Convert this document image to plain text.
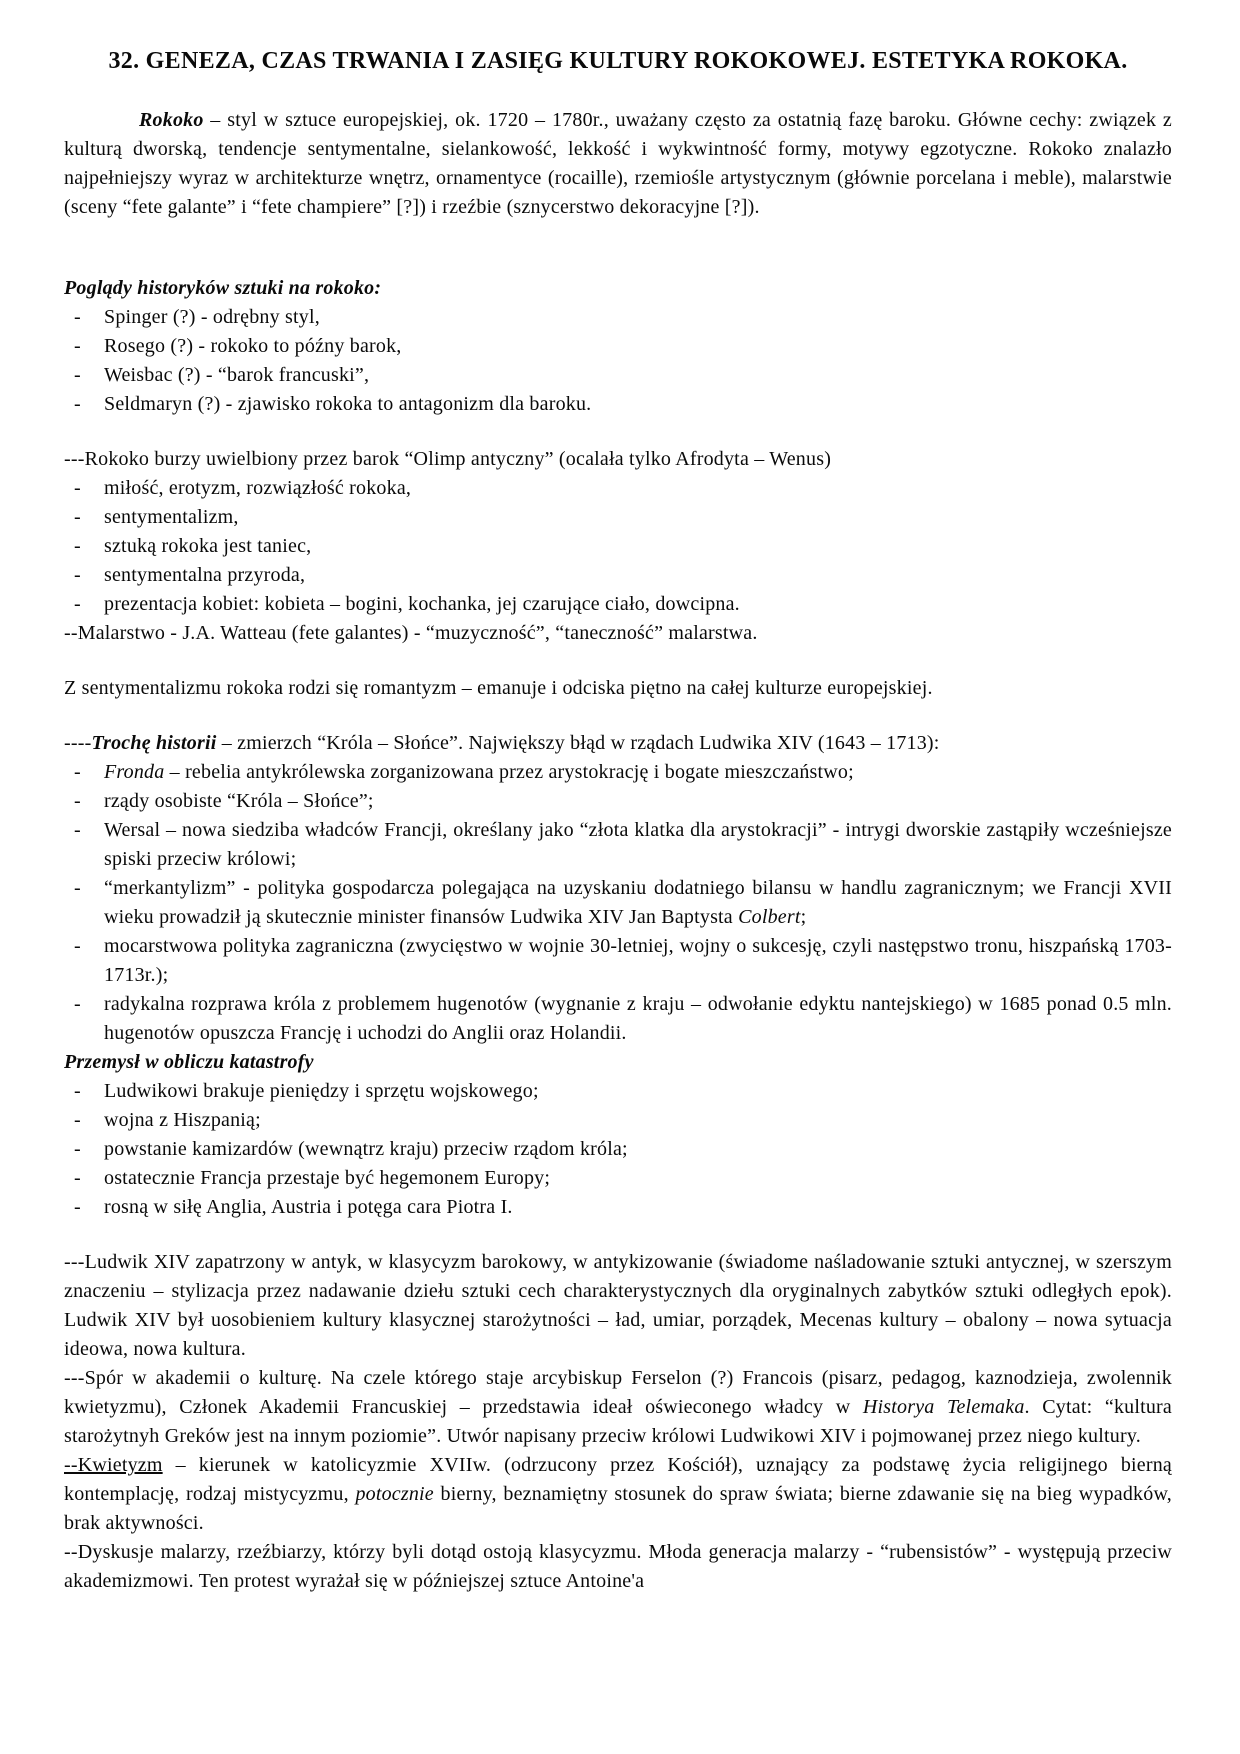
32. GENEZA, CZAS TRWANIA I ZASIĘG KULTURY ROKOKOWEJ. ESTETYKA ROKOKA.
Rokoko – styl w sztuce europejskiej, ok. 1720 – 1780r., uważany często za ostatnią fazę baroku. Główne cechy: związek z kulturą dworską, tendencje sentymentalne, sielankowość, lekkość i wykwintność formy, motywy egzotyczne. Rokoko znalazło najpełniejszy wyraz w architekturze wnętrz, ornamentyce (rocaille), rzemiośle artystycznym (głównie porcelana i meble), malarstwie (sceny “fete galante” i “fete champiere” [?]) i rzeźbie (sznycerstwo dekoracyjne [?]).
Poglądy historyków sztuki na rokoko:
-	Spinger (?) - odrębny styl,
-	Rosego (?) - rokoko to późny barok,
-	Weisbac (?) - “barok francuski”,
-	Seldmaryn (?) - zjawisko rokoka to antagonizm dla baroku.
---Rokoko burzy uwielbiony przez barok “Olimp antyczny” (ocalała tylko Afrodyta – Wenus)
-	miłość, erotyzm, rozwiązłość rokoka,
-	sentymentalizm,
-	sztuką rokoka jest taniec,
-	sentymentalna przyroda,
-	prezentacja kobiet: kobieta – bogini, kochanka, jej czarujące ciało, dowcipna.
--Malarstwo - J.A. Watteau (fete galantes) - “muzyczność”, “taneczność” malarstwa.
Z sentymentalizmu rokoka rodzi się romantyzm – emanuje i odciska piętno na całej kulturze europejskiej.
----Trochę historii – zmierzch “Króla – Słońce”. Największy błąd w rządach Ludwika XIV (1643 – 1713):
-	Fronda – rebelia antykrólewska zorganizowana przez arystokrację i bogate mieszczaństwo;
-	rządy osobiste “Króla – Słońce”;
-	Wersal – nowa siedziba władców Francji, określany jako “złota klatka dla arystokracji” - intrygi dworskie zastąpiły wcześniejsze spiski przeciw królowi;
-	“merkantylizm” - polityka gospodarcza polegająca na uzyskaniu dodatniego bilansu w handlu zagranicznym; we Francji XVII wieku prowadził ją skutecznie minister finansów Ludwika XIV Jan Baptysta Colbert;
-	mocarstwowa polityka zagraniczna (zwycięstwo w wojnie 30-letniej, wojny o sukcesję, czyli następstwo tronu, hiszpańską 1703-1713r.);
-	radykalna rozprawa króla z problemem hugenotów (wygnanie z kraju – odwołanie edyktu nantejskiego) w 1685 ponad 0.5 mln. hugenotów opuszcza Francję i uchodzi do Anglii oraz Holandii.
Przemysł w obliczu katastrofy
-	Ludwikowi brakuje pieniędzy i sprzętu wojskowego;
-	wojna z Hiszpanią;
-	powstanie kamizardów (wewnątrz kraju) przeciw rządom króla;
-	ostatecznie Francja przestaje być hegemonem Europy;
-	rosną w siłę Anglia, Austria i potęga cara Piotra I.
---Ludwik XIV zapatrzony w antyk, w klasycyzm barokowy, w antykizowanie (świadome naśladowanie sztuki antycznej, w szerszym znaczeniu – stylizacja przez nadawanie dziełu sztuki cech charakterystycznych dla oryginalnych zabytków sztuki odległych epok). Ludwik XIV był uosobieniem kultury klasycznej starożytności – ład, umiar, porządek, Mecenas kultury – obalony – nowa sytuacja ideowa, nowa kultura.
---Spór w akademii o kulturę. Na czele którego staje arcybiskup Ferselon (?) Francois (pisarz, pedagog, kaznodzieja, zwolennik kwietyzmu), Członek Akademii Francuskiej – przedstawia ideał oświeconego władcy w Historya Telemaka. Cytat: “kultura starożytnyh Greków jest na innym poziomie”. Utwór napisany przeciw królowi Ludwikowi XIV i pojmowanej przez niego kultury.
--Kwietyzm – kierunek w katolicyzmie XVIIw. (odrzucony przez Kościół), uznający za podstawę życia religijnego bierną kontemplację, rodzaj mistycyzmu, potocznie bierny, beznamiętny stosunek do spraw świata; bierne zdawanie się na bieg wypadków, brak aktywności.
--Dyskusje malarzy, rzeźbiarzy, którzy byli dotąd ostoją klasycyzmu. Młoda generacja malarzy - “rubensistów” - występują przeciw akademizmowi. Ten protest wyrażał się w późniejszej sztuce Antoine'a
